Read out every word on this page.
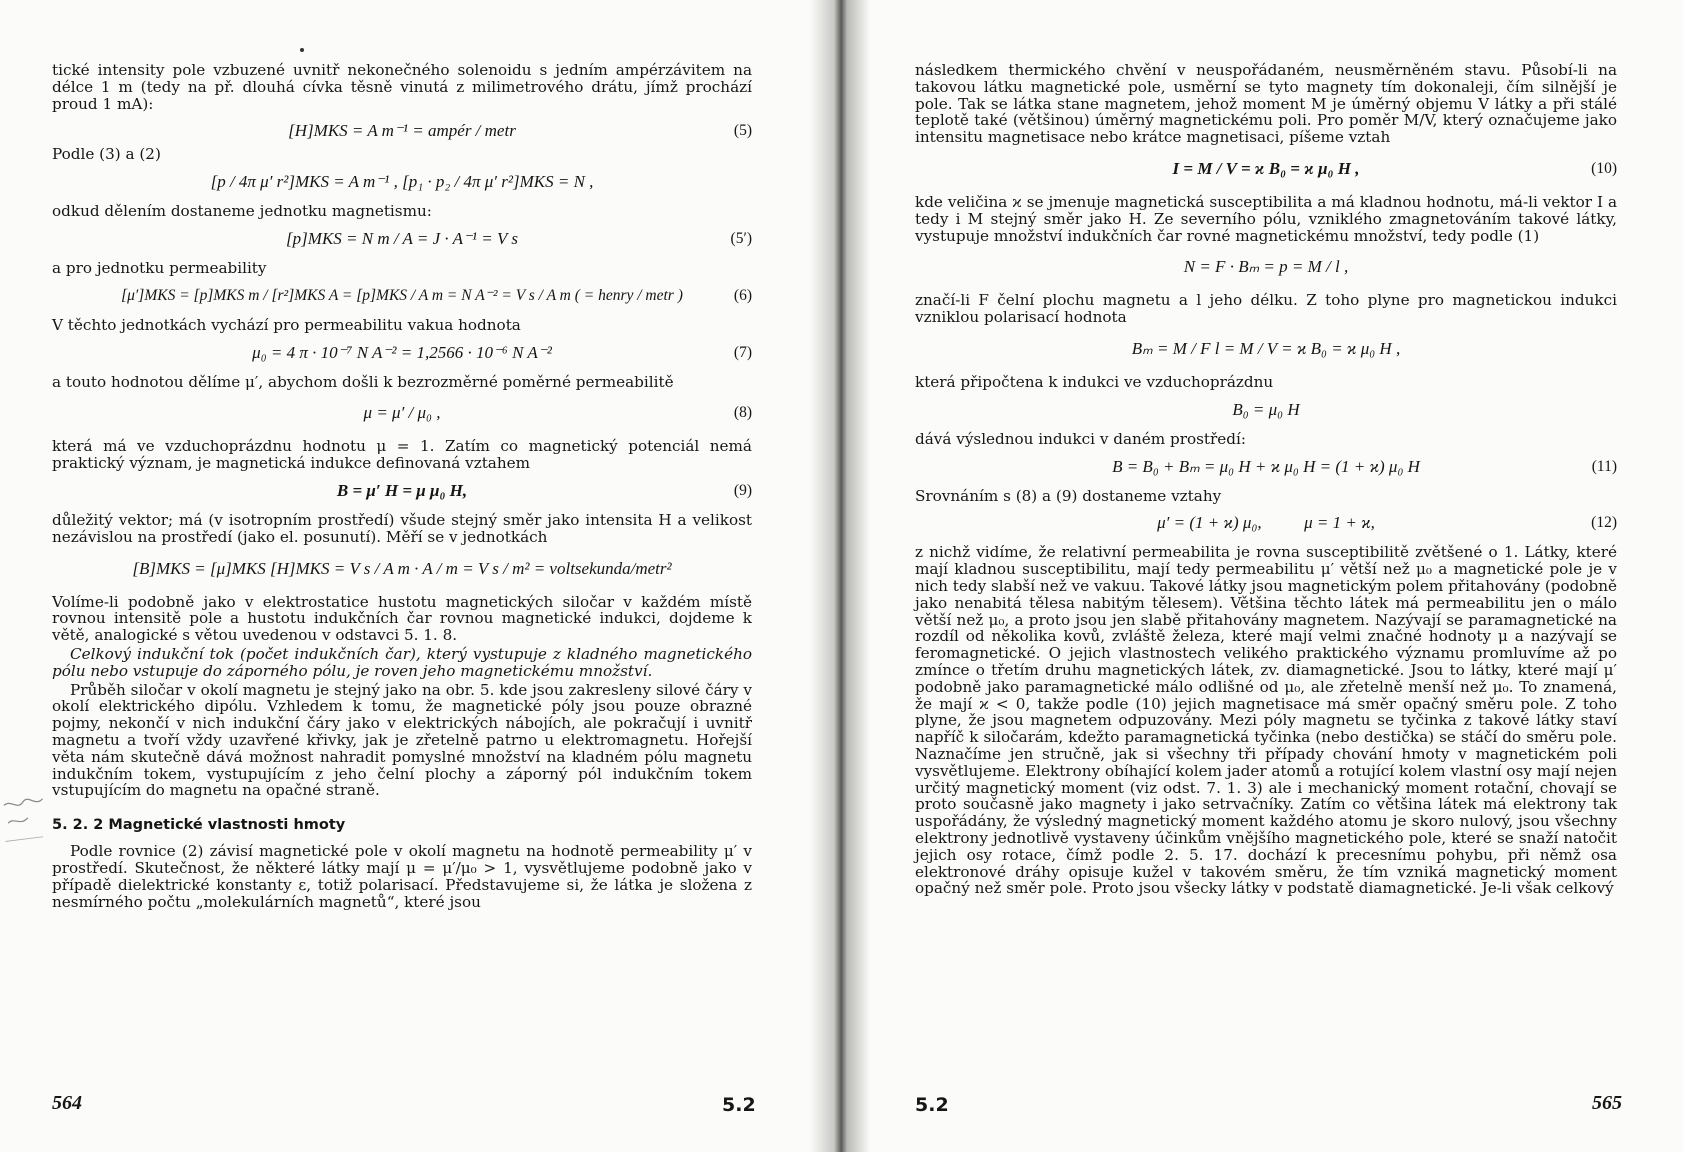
tické intensity pole vzbuzené uvnitř nekonečného solenoidu s jedním ampérzávitem na délce 1 m (tedy na př. dlouhá cívka těsně vinutá z milimetrového drátu, jímž prochází proud 1 mA):

[H]MKS = A m⁻¹ = ampér / metr	(5)

Podle (3) a (2)

[p / 4π μ′ r²]MKS = A m⁻¹ , [p₁ · p₂ / 4π μ′ r²]MKS = N ,

odkud dělením dostaneme jednotku magnetismu:

[p]MKS = N m / A = J · A⁻¹ = V s	(5′)

a pro jednotku permeability

[μ′]MKS = [p]MKS m / [r²]MKS A = [p]MKS / A m = N A⁻² = V s / A m ( = henry / metr )	(6)

V těchto jednotkách vychází pro permeabilitu vakua hodnota

μ₀ = 4 π · 10⁻⁷ N A⁻² = 1,2566 · 10⁻⁶ N A⁻²	(7)

a touto hodnotou dělíme μ′, abychom došli k bezrozměrné poměrné permeabilitě

μ = μ′ / μ₀ ,	(8)

která má ve vzduchoprázdnu hodnotu μ = 1. Zatím co magnetický potenciál nemá praktický význam, je magnetická indukce definovaná vztahem

B = μ′ H = μ μ₀ H,	(9)

důležitý vektor; má (v isotropním prostředí) všude stejný směr jako intensita H a velikost nezávislou na prostředí (jako el. posunutí). Měří se v jednotkách

[B]MKS = [μ]MKS [H]MKS = V s / A m · A / m = V s / m² = voltsekunda/metr²

Volíme-li podobně jako v elektrostatice hustotu magnetických siločar v každém místě rovnou intensitě pole a hustotu indukčních čar rovnou magnetické indukci, dojdeme k větě, analogické s větou uvedenou v odstavci 5. 1. 8.

Celkový indukční tok (počet indukčních čar), který vystupuje z kladného magnetického pólu nebo vstupuje do záporného pólu, je roven jeho magnetickému množství.

Průběh siločar v okolí magnetu je stejný jako na obr. 5. kde jsou zakresleny silové čáry v okolí elektrického dipólu. Vzhledem k tomu, že magnetické póly jsou pouze obrazné pojmy, nekončí v nich indukční čáry jako v elektrických nábojích, ale pokračují i uvnitř magnetu a tvoří vždy uzavřené křivky, jak je zřetelně patrno u elektromagnetu. Hořejší věta nám skutečně dává možnost nahradit pomyslné množství na kladném pólu magnetu indukčním tokem, vystupujícím z jeho čelní plochy a záporný pól indukčním tokem vstupujícím do magnetu na opačné straně.

5. 2. 2 Magnetické vlastnosti hmoty

Podle rovnice (2) závisí magnetické pole v okolí magnetu na hodnotě permeability μ′ v prostředí. Skutečnost, že některé látky mají μ = μ′/μ₀ > 1, vysvětlujeme podobně jako v případě dielektrické konstanty ε, totiž polarisací. Představujeme si, že látka je složena z nesmírného počtu „molekulárních magnetů“, které jsou

564	5.2

následkem thermického chvění v neuspořádaném, neusměrněném stavu. Působí-li na takovou látku magnetické pole, usměrní se tyto magnety tím dokonaleji, čím silnější je pole. Tak se látka stane magnetem, jehož moment M je úměrný objemu V látky a při stálé teplotě také (většinou) úměrný magnetickému poli. Pro poměr M/V, který označujeme jako intensitu magnetisace nebo krátce magnetisaci, píšeme vztah

I = M / V = ϰ B₀ = ϰ μ₀ H ,	(10)

kde veličina ϰ se jmenuje magnetická susceptibilita a má kladnou hodnotu, má-li vektor I a tedy i M stejný směr jako H. Ze severního pólu, vzniklého zmagnetováním takové látky, vystupuje množství indukčních čar rovné magnetickému množství, tedy podle (1)

N = F · Bₘ = p = M / l ,

značí-li F čelní plochu magnetu a l jeho délku. Z toho plyne pro magnetickou indukci vzniklou polarisací hodnota

Bₘ = M / F l = M / V = ϰ B₀ = ϰ μ₀ H ,

která připočtena k indukci ve vzduchoprázdnu

B₀ = μ₀ H

dává výslednou indukci v daném prostředí:

B = B₀ + Bₘ = μ₀ H + ϰ μ₀ H = (1 + ϰ) μ₀ H	(11)

Srovnáním s (8) a (9) dostaneme vztahy

μ′ = (1 + ϰ) μ₀,          μ = 1 + ϰ,	(12)

z nichž vidíme, že relativní permeabilita je rovna susceptibilitě zvětšené o 1. Látky, které mají kladnou susceptibilitu, mají tedy permeabilitu μ′ větší než μ₀ a magnetické pole je v nich tedy slabší než ve vakuu. Takové látky jsou magnetickým polem přitahovány (podobně jako nenabitá tělesa nabitým tělesem). Většina těchto látek má permeabilitu jen o málo větší než μ₀, a proto jsou jen slabě přitahovány magnetem. Nazývají se paramagnetické na rozdíl od několika kovů, zvláště železa, které mají velmi značné hodnoty μ a nazývají se feromagnetické. O jejich vlastnostech velikého praktického významu promluvíme až po zmínce o třetím druhu magnetických látek, zv. diamagnetické. Jsou to látky, které mají μ′ podobně jako paramagnetické málo odlišné od μ₀, ale zřetelně menší než μ₀. To znamená, že mají ϰ < 0, takže podle (10) jejich magnetisace má směr opačný směru pole. Z toho plyne, že jsou magnetem odpuzovány. Mezi póly magnetu se tyčinka z takové látky staví napříč k siločarám, kdežto paramagnetická tyčinka (nebo destička) se stáčí do směru pole. Naznačíme jen stručně, jak si všechny tři případy chování hmoty v magnetickém poli vysvětlujeme. Elektrony obíhající kolem jader atomů a rotující kolem vlastní osy mají nejen určitý magnetický moment (viz odst. 7. 1. 3) ale i mechanický moment rotační, chovají se proto současně jako magnety i jako setrvačníky. Zatím co většina látek má elektrony tak uspořádány, že výsledný magnetický moment každého atomu je skoro nulový, jsou všechny elektrony jednotlivě vystaveny účinkům vnějšího magnetického pole, které se snaží natočit jejich osy rotace, čímž podle 2. 5. 17. dochází k precesnímu pohybu, při němž osa elektronové dráhy opisuje kužel v takovém směru, že tím vzniká magnetický moment opačný než směr pole. Proto jsou všecky látky v podstatě diamagnetické. Je-li však celkový

5.2	565
